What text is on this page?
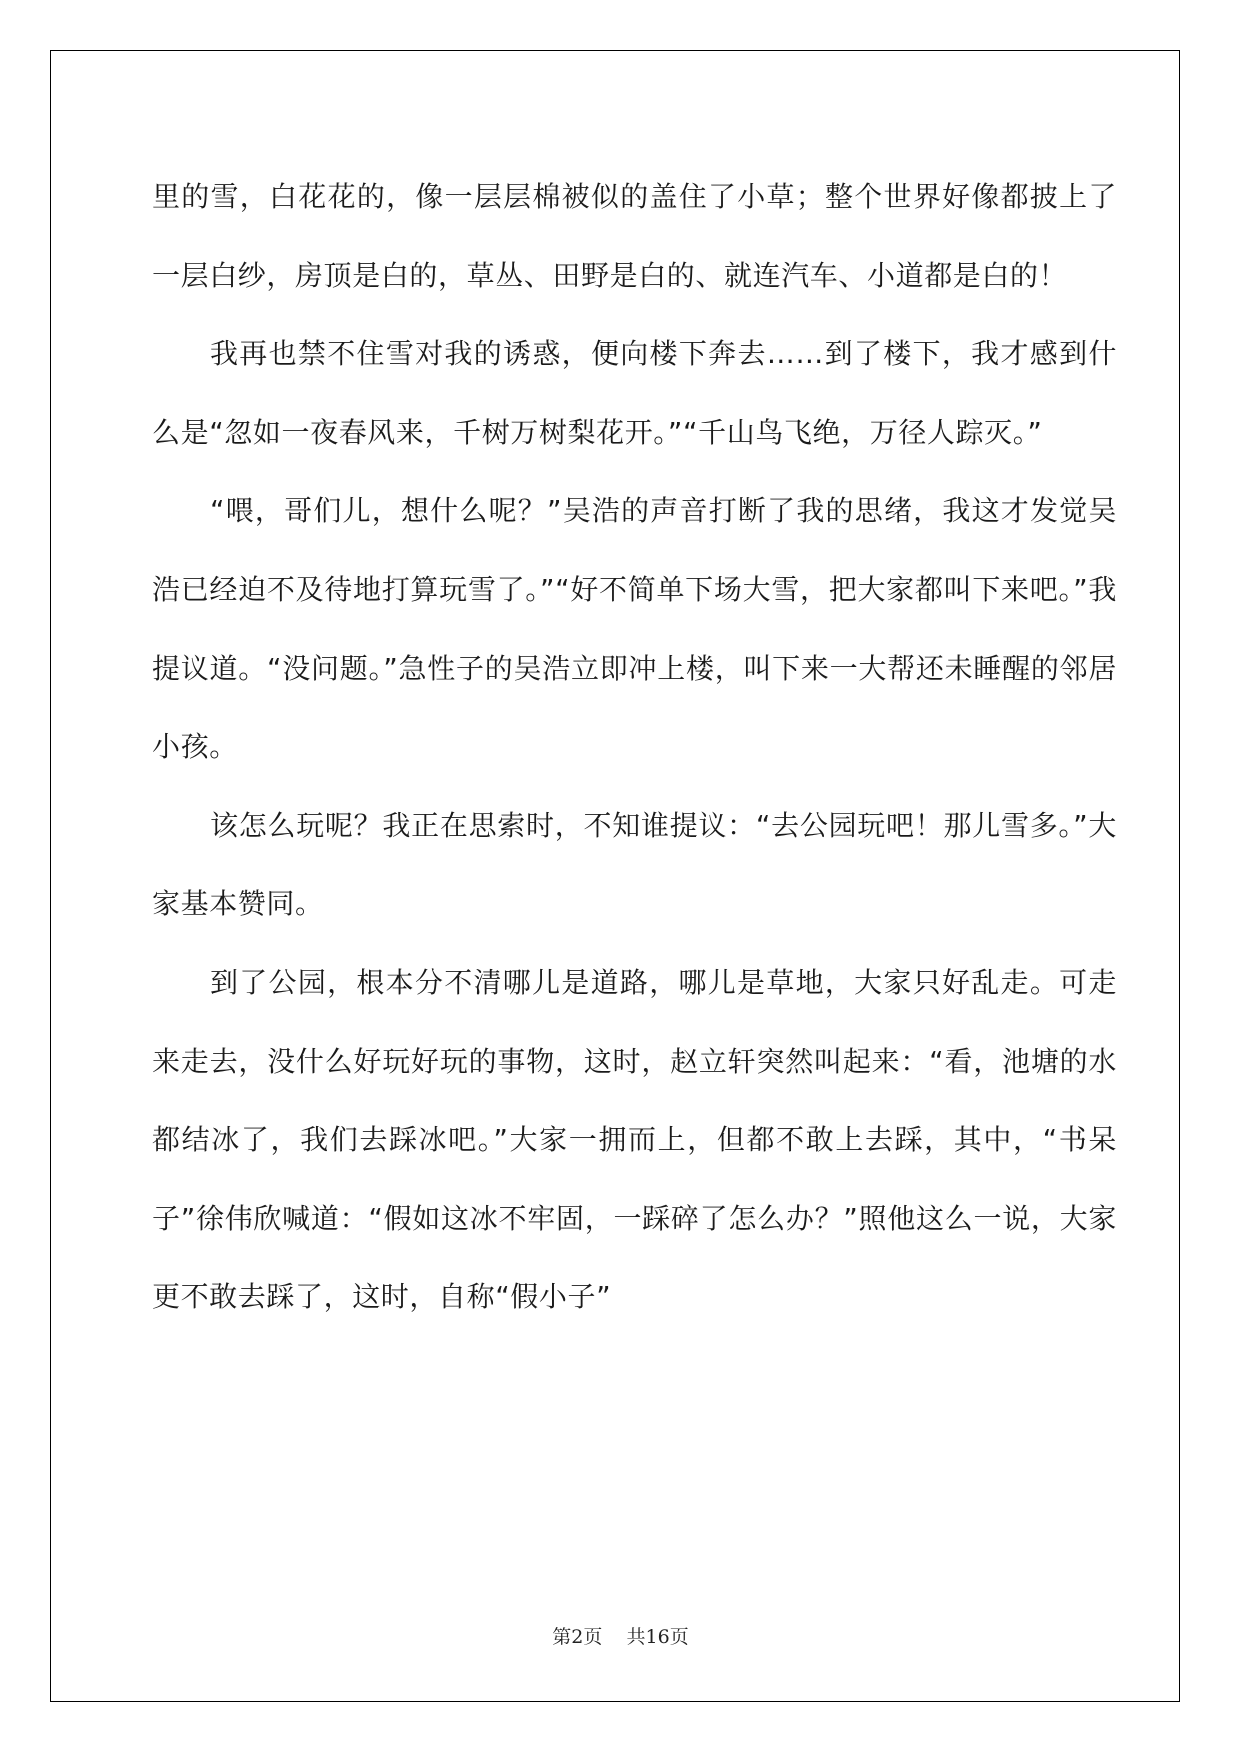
里的雪，白花花的，像一层层棉被似的盖住了小草；整个世界好像都披上了一层白纱，房顶是白的，草丛、田野是白的、就连汽车、小道都是白的！

我再也禁不住雪对我的诱惑，便向楼下奔去……到了楼下，我才感到什么是“忽如一夜春风来，千树万树梨花开。”“千山鸟飞绝，万径人踪灭。”

“喂，哥们儿，想什么呢？”吴浩的声音打断了我的思绪，我这才发觉吴浩已经迫不及待地打算玩雪了。”“好不简单下场大雪，把大家都叫下来吧。”我提议道。“没问题。”急性子的吴浩立即冲上楼，叫下来一大帮还未睡醒的邻居小孩。

该怎么玩呢？我正在思索时，不知谁提议：“去公园玩吧！那儿雪多。”大家基本赞同。

到了公园，根本分不清哪儿是道路，哪儿是草地，大家只好乱走。可走来走去，没什么好玩好玩的事物，这时，赵立轩突然叫起来：“看，池塘的水都结冰了，我们去踩冰吧。”大家一拥而上，但都不敢上去踩，其中，“书呆子”徐伟欣喊道：“假如这冰不牢固，一踩碎了怎么办？”照他这么一说，大家更不敢去踩了，这时，自称“假小子”

第2页 共16页
